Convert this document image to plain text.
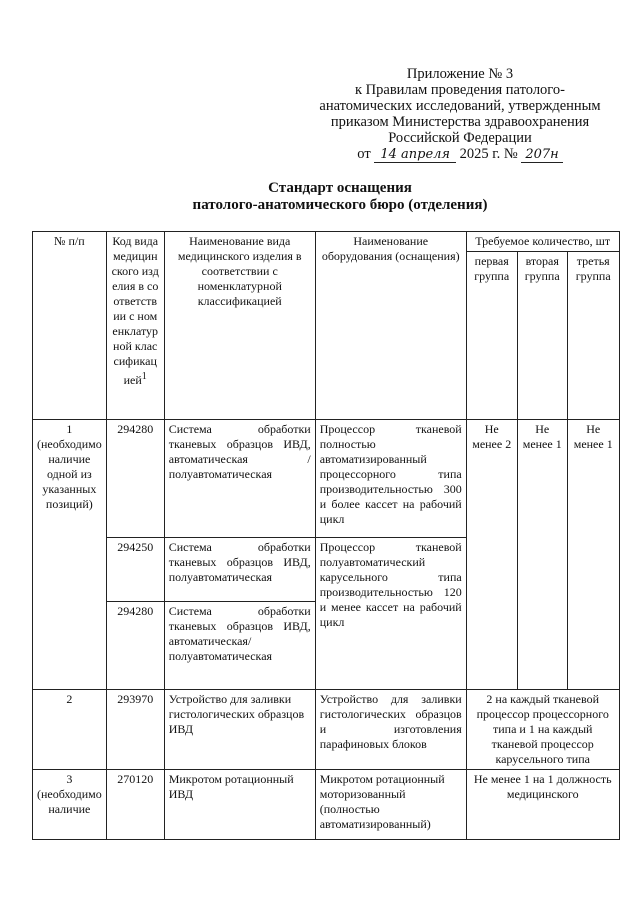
Приложение № 3
к Правилам проведения патолого-
анатомических исследований, утвержденным
приказом Министерства здравоохранения
Российской Федерации
от 14 апреля 2025 г. № 207н
Стандарт оснащения
патолого-анатомического бюро (отделения)
№ п/п	Код вида медицинского изделия в соответствии с номенклатурной классификацией$^1$	Наименование вида медицинского изделия в соответствии с номенклатурной классификацией	Наименование оборудования (оснащения)	Требуемое количество, шт		
				первая группа	вторая группа	третья группа
1 (необходимо наличие одной из указанных позиций)	294280	Система обработки тканевых образцов ИВД, автоматическая / полуавтоматическая	Процессор тканевой полностью автоматизированный процессорного типа производительностью 300 и более кассет на рабочий цикл	Не менее 2	Не менее 1	Не менее 1
	294250	Система обработки тканевых образцов ИВД, полуавтоматическая	Процессор тканевой полуавтоматический карусельного типа производительностью 120 и менее кассет на рабочий цикл			
	294280	Система обработки тканевых образцов ИВД, автоматическая/полуавтоматическая				
2	293970	Устройство для заливки гистологических образцов ИВД	Устройство для заливки гистологических образцов и изготовления парафиновых блоков	2 на каждый тканевой процессор процессорного типа и 1 на каждый тканевой процессор карусельного типа		
3 (необходимо наличие	270120	Микротом ротационный ИВД	Микротом ротационный моторизованный (полностью автоматизированный)	Не менее 1 на 1 должность медицинского		
